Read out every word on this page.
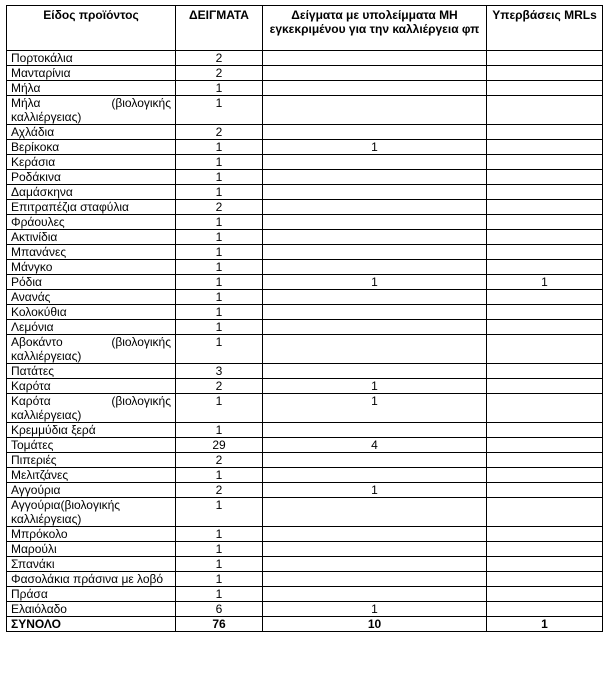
Είδος προϊόντος	ΔΕΙΓΜΑΤΑ	Δείγματα με υπολείμματα ΜΗ εγκεκριμένου για την καλλιέργεια φπ	Υπερβάσεις MRLs
Πορτοκάλια	2		
Μανταρίνια	2		
Μήλα	1		
Μήλα (βιολογικής καλλιέργειας)	1		
Αχλάδια	2		
Βερίκοκα	1	1	
Κεράσια	1		
Ροδάκινα	1		
Δαμάσκηνα	1		
Επιτραπέζια σταφύλια	2		
Φράουλες	1		
Ακτινίδια	1		
Μπανάνες	1		
Μάνγκο	1		
Ρόδια	1	1	1
Ανανάς	1		
Κολοκύθια	1		
Λεμόνια	1		
Αβοκάντο (βιολογικής καλλιέργειας)	1		
Πατάτες	3		
Καρότα	2	1	
Καρότα (βιολογικής καλλιέργειας)	1	1	
Κρεμμύδια ξερά	1		
Τομάτες	29	4	
Πιπεριές	2		
Μελιτζάνες	1		
Αγγούρια	2	1	
Αγγούρια(βιολογικής καλλιέργειας)	1		
Μπρόκολο	1		
Μαρούλι	1		
Σπανάκι	1		
Φασολάκια πράσινα με λοβό	1		
Πράσα	1		
Ελαιόλαδο	6	1	
ΣΥΝΟΛΟ	76	10	1
